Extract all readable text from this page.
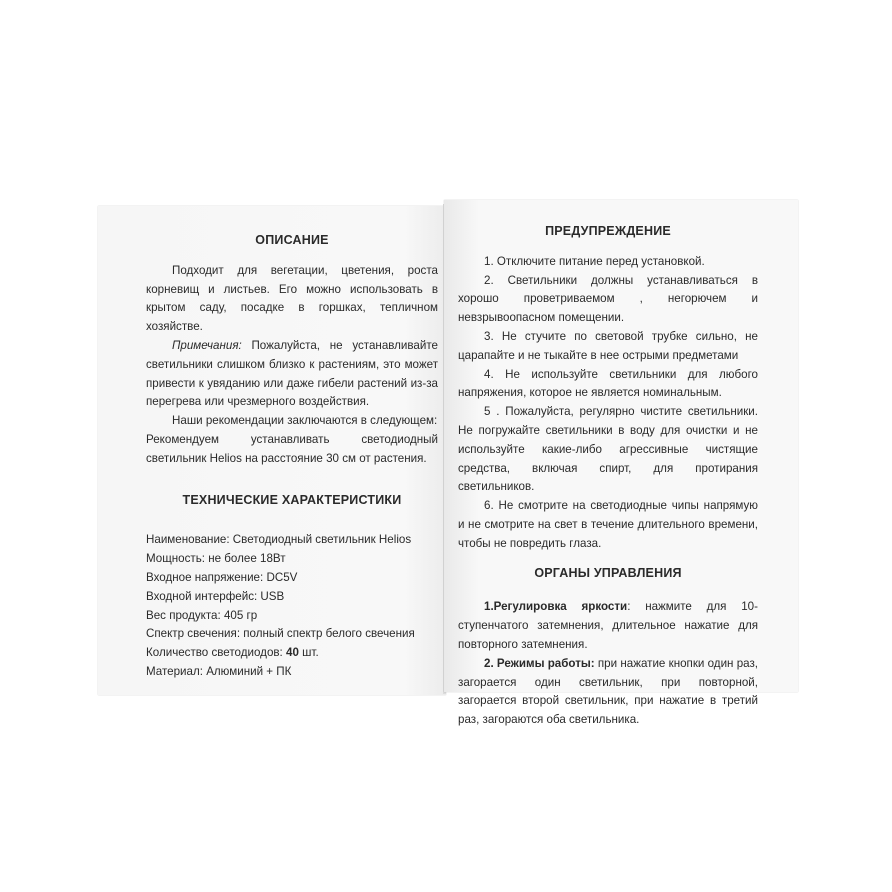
ОПИСАНИЕ

Подходит для вегетации, цветения, роста корневищ и листьев. Его можно использовать в крытом саду, посадке в горшках, тепличном хозяйстве.

Примечания: Пожалуйста, не устанавливайте светильники слишком близко к растениям, это может привести к увяданию или даже гибели растений из-за перегрева или чрезмерного воздействия.

Наши рекомендации заключаются в следующем:

Рекомендуем устанавливать светодиодный светильник Helios на расстояние 30 см от растения.

ТЕХНИЧЕСКИЕ ХАРАКТЕРИСТИКИ

Наименование: Светодиодный светильник Helios

Мощность: не более 18Вт

Входное напряжение: DC5V

Входной интерфейс: USB

Вес продукта: 405 гр

Спектр свечения: полный спектр белого свечения

Количество светодиодов: 40 шт.

Материал: Алюминий + ПК

ПРЕДУПРЕЖДЕНИЕ

1. Отключите питание перед установкой.

2. Светильники должны устанавливаться в хорошо проветриваемом , негорючем и невзрывоопасном помещении.

3. Не стучите по световой трубке сильно, не царапайте и не тыкайте в нее острыми предметами

4. Не используйте светильники для любого напряжения, которое не является номинальным.

5 . Пожалуйста, регулярно чистите светильники. Не погружайте светильники в воду для очистки и не используйте какие-либо агрессивные чистящие средства, включая спирт, для протирания светильников.

6. Не смотрите на светодиодные чипы напрямую и не смотрите на свет в течение длительного времени, чтобы не повредить глаза.

ОРГАНЫ УПРАВЛЕНИЯ

1.Регулировка яркости: нажмите для 10-ступенчатого затемнения, длительное нажатие для повторного затемнения.

2. Режимы работы: при нажатие кнопки один раз, загорается один светильник, при повторной, загорается второй светильник, при нажатие в третий раз, загораются оба светильника.
